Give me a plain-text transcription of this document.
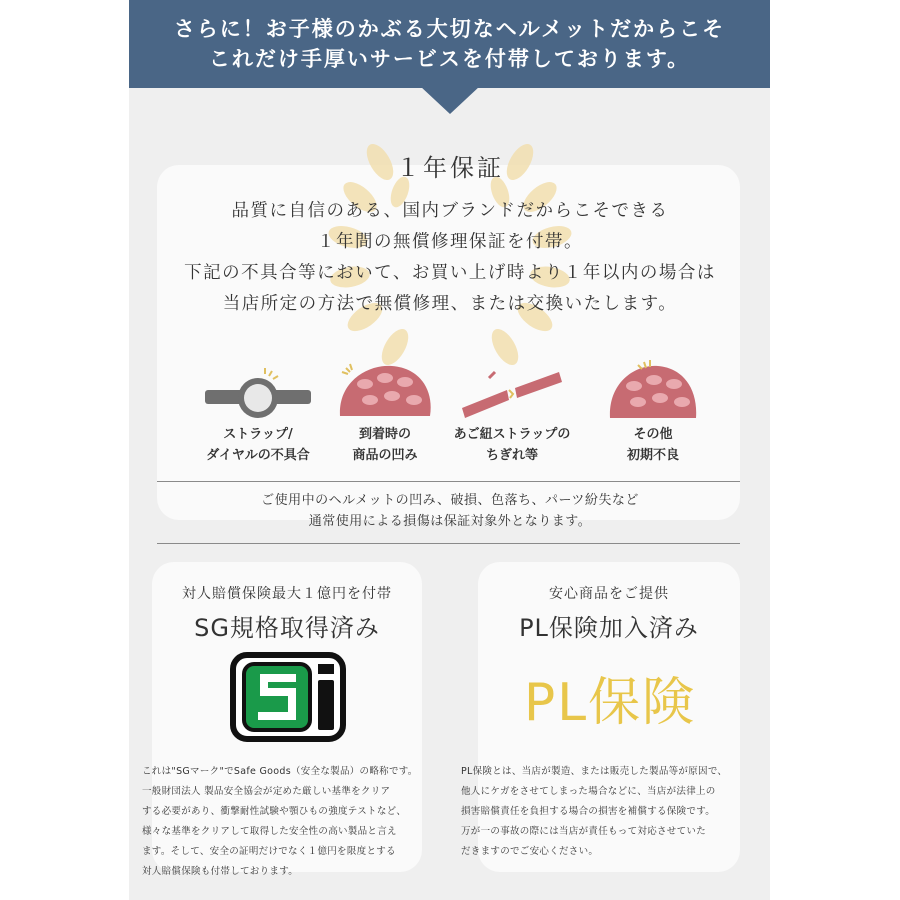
さらに！お子様のかぶる大切なヘルメットだからこそ
これだけ手厚いサービスを付帯しております。
１年保証
品質に自信のある、国内ブランドだからこそできる
１年間の無償修理保証を付帯。
下記の不具合等において、お買い上げ時より１年以内の場合は
当店所定の方法で無償修理、または交換いたします。
ストラップ/
ダイヤルの不具合
到着時の
商品の凹み
あご紐ストラップの
ちぎれ等
その他
初期不良
ご使用中のヘルメットの凹み、破損、色落ち、パーツ紛失など
通常使用による損傷は保証対象外となります。
対人賠償保険最大１億円を付帯
SG規格取得済み
これは"SGマーク"でSafe Goods（安全な製品）の略称です。
一般財団法人 製品安全協会が定めた厳しい基準をクリア
する必要があり、衝撃耐性試験や顎ひもの強度テストなど、
様々な基準をクリアして取得した安全性の高い製品と言え
ます。そして、安全の証明だけでなく１億円を限度とする
対人賠償保険も付帯しております。
安心商品をご提供
PL保険加入済み
PL保険
PL保険とは、当店が製造、または販売した製品等が原因で、
他人にケガをさせてしまった場合などに、当店が法律上の
損害賠償責任を負担する場合の損害を補償する保険です。
万が一の事故の際には当店が責任もって対応させていた
だきますのでご安心ください。
